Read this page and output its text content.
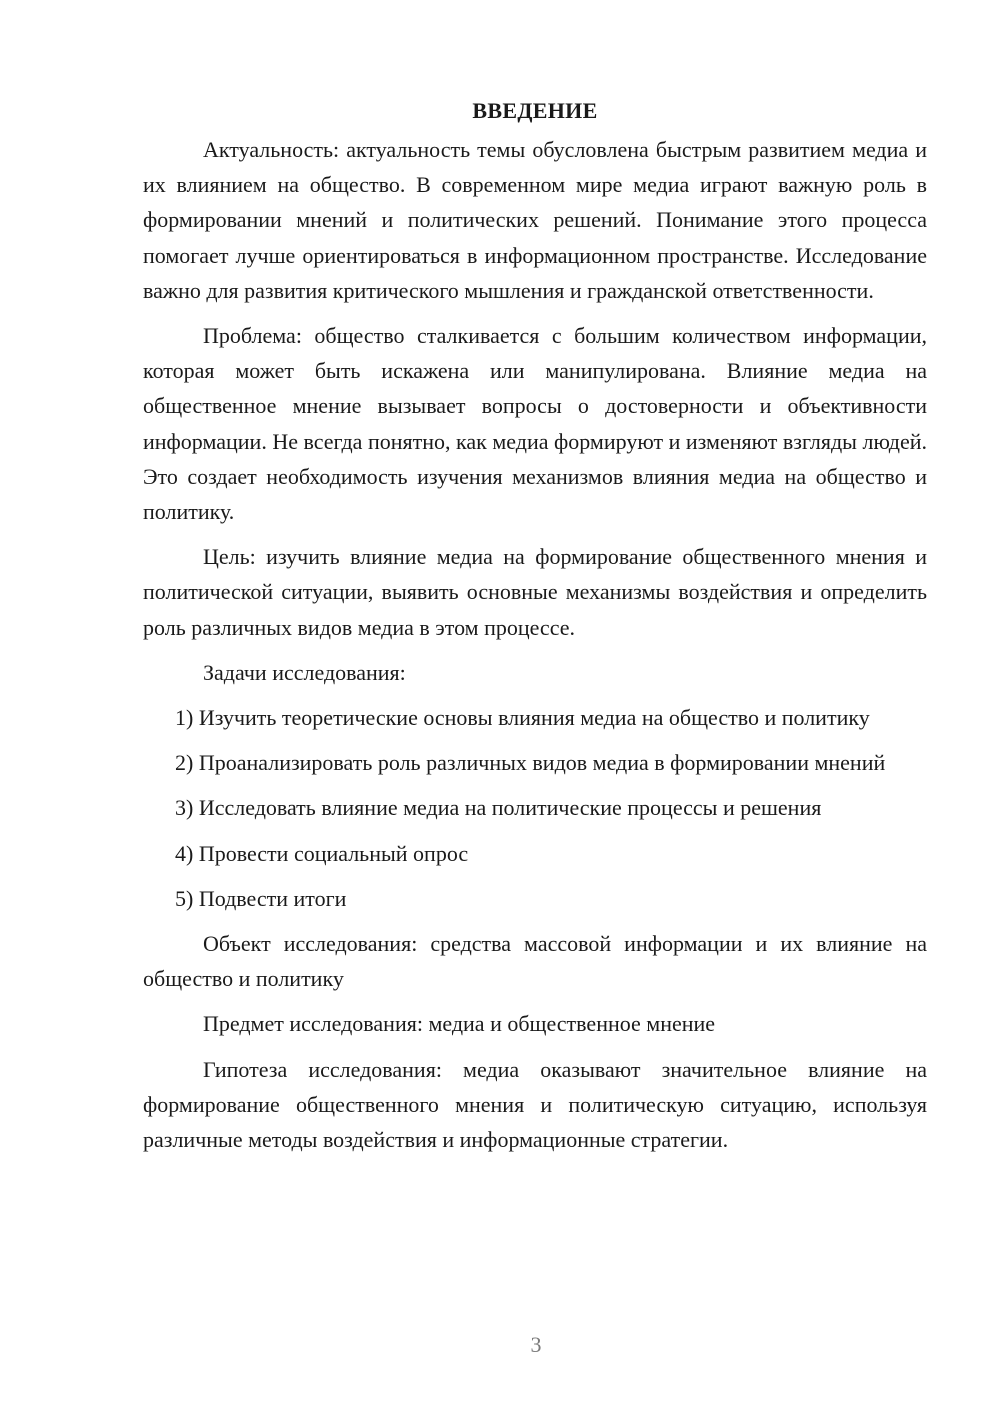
ВВЕДЕНИЕ

Актуальность: актуальность темы обусловлена быстрым развитием медиа и их влиянием на общество. В современном мире медиа играют важную роль в формировании мнений и политических решений. Понимание этого процесса помогает лучше ориентироваться в информационном пространстве. Исследование важно для развития критического мышления и гражданской ответственности.

Проблема: общество сталкивается с большим количеством информации, которая может быть искажена или манипулирована. Влияние медиа на общественное мнение вызывает вопросы о достоверности и объективности информации. Не всегда понятно, как медиа формируют и изменяют взгляды людей. Это создает необходимость изучения механизмов влияния медиа на общество и политику.

Цель: изучить влияние медиа на формирование общественного мнения и политической ситуации, выявить основные механизмы воздействия и определить роль различных видов медиа в этом процессе.

Задачи исследования:

1) Изучить теоретические основы влияния медиа на общество и политику

2) Проанализировать роль различных видов медиа в формировании мнений

3) Исследовать влияние медиа на политические процессы и решения

4) Провести социальный опрос

5) Подвести итоги

Объект исследования: средства массовой информации и их влияние на общество и политику

Предмет исследования: медиа и общественное мнение

Гипотеза исследования: медиа оказывают значительное влияние на формирование общественного мнения и политическую ситуацию, используя различные методы воздействия и информационные стратегии.

3
